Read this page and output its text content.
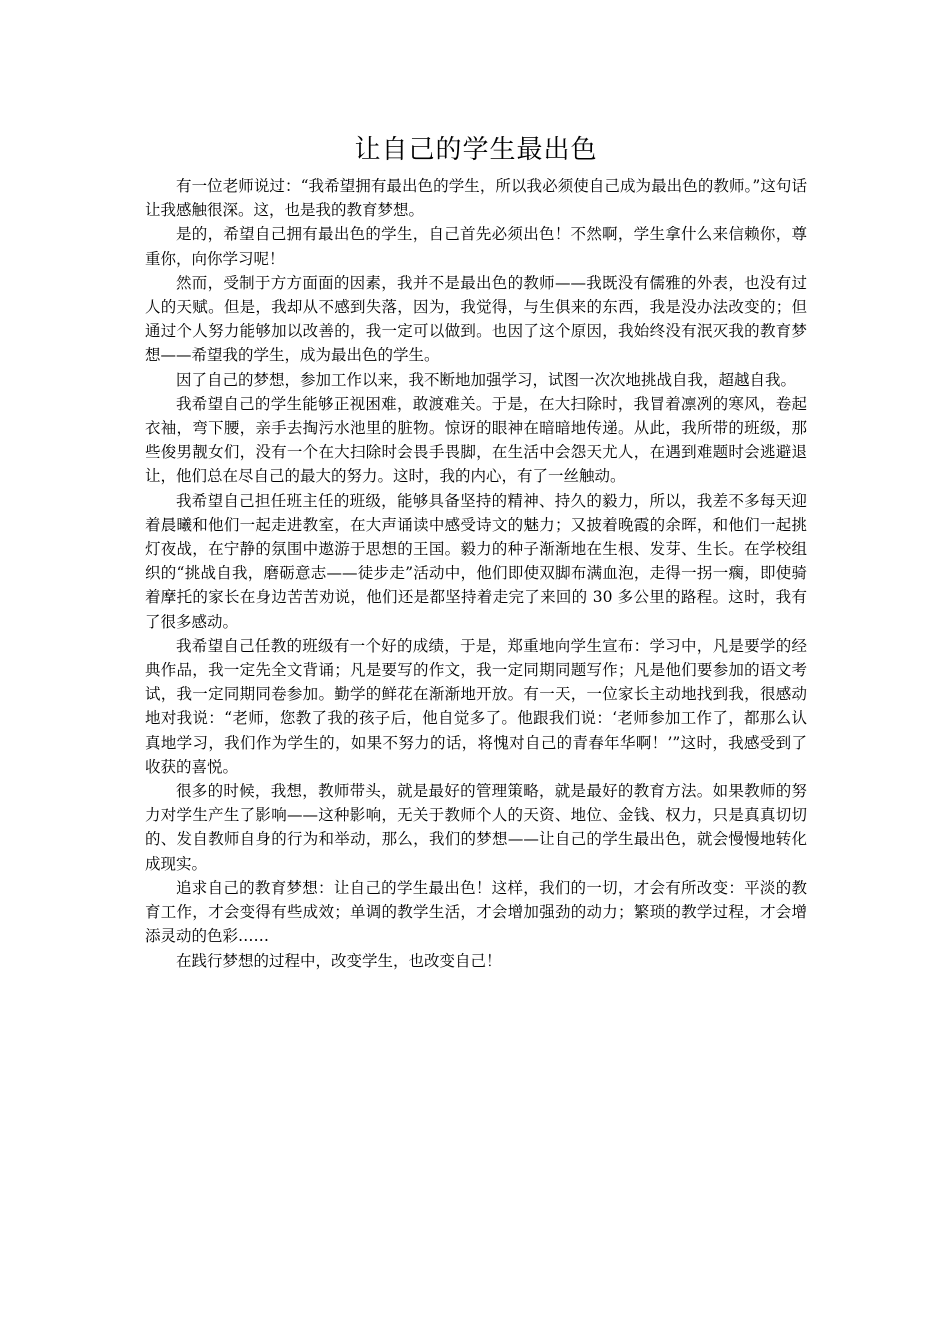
让自己的学生最出色

有一位老师说过：“我希望拥有最出色的学生，所以我必须使自己成为最出色的教师。”这句话让我感触很深。这，也是我的教育梦想。

是的，希望自己拥有最出色的学生，自己首先必须出色！不然啊，学生拿什么来信赖你，尊重你，向你学习呢！

然而，受制于方方面面的因素，我并不是最出色的教师——我既没有儒雅的外表，也没有过人的天赋。但是，我却从不感到失落，因为，我觉得，与生俱来的东西，我是没办法改变的；但通过个人努力能够加以改善的，我一定可以做到。也因了这个原因，我始终没有泯灭我的教育梦想——希望我的学生，成为最出色的学生。

因了自己的梦想，参加工作以来，我不断地加强学习，试图一次次地挑战自我，超越自我。

我希望自己的学生能够正视困难，敢渡难关。于是，在大扫除时，我冒着凛冽的寒风，卷起衣袖，弯下腰，亲手去掏污水池里的脏物。惊讶的眼神在暗暗地传递。从此，我所带的班级，那些俊男靓女们，没有一个在大扫除时会畏手畏脚，在生活中会怨天尤人，在遇到难题时会逃避退让，他们总在尽自己的最大的努力。这时，我的内心，有了一丝触动。

我希望自己担任班主任的班级，能够具备坚持的精神、持久的毅力，所以，我差不多每天迎着晨曦和他们一起走进教室，在大声诵读中感受诗文的魅力；又披着晚霞的余晖，和他们一起挑灯夜战，在宁静的氛围中遨游于思想的王国。毅力的种子渐渐地在生根、发芽、生长。在学校组织的“挑战自我，磨砺意志——徒步走”活动中，他们即使双脚布满血泡，走得一拐一瘸，即使骑着摩托的家长在身边苦苦劝说，他们还是都坚持着走完了来回的 30 多公里的路程。这时，我有了很多感动。

我希望自己任教的班级有一个好的成绩，于是，郑重地向学生宣布：学习中，凡是要学的经典作品，我一定先全文背诵；凡是要写的作文，我一定同期同题写作；凡是他们要参加的语文考试，我一定同期同卷参加。勤学的鲜花在渐渐地开放。有一天，一位家长主动地找到我，很感动地对我说：“老师，您教了我的孩子后，他自觉多了。他跟我们说：‘老师参加工作了，都那么认真地学习，我们作为学生的，如果不努力的话，将愧对自己的青春年华啊！’”这时，我感受到了收获的喜悦。

很多的时候，我想，教师带头，就是最好的管理策略，就是最好的教育方法。如果教师的努力对学生产生了影响——这种影响，无关于教师个人的天资、地位、金钱、权力，只是真真切切的、发自教师自身的行为和举动，那么，我们的梦想——让自己的学生最出色，就会慢慢地转化成现实。

追求自己的教育梦想：让自己的学生最出色！这样，我们的一切，才会有所改变：平淡的教育工作，才会变得有些成效；单调的教学生活，才会增加强劲的动力；繁琐的教学过程，才会增添灵动的色彩……

在践行梦想的过程中，改变学生，也改变自己！
